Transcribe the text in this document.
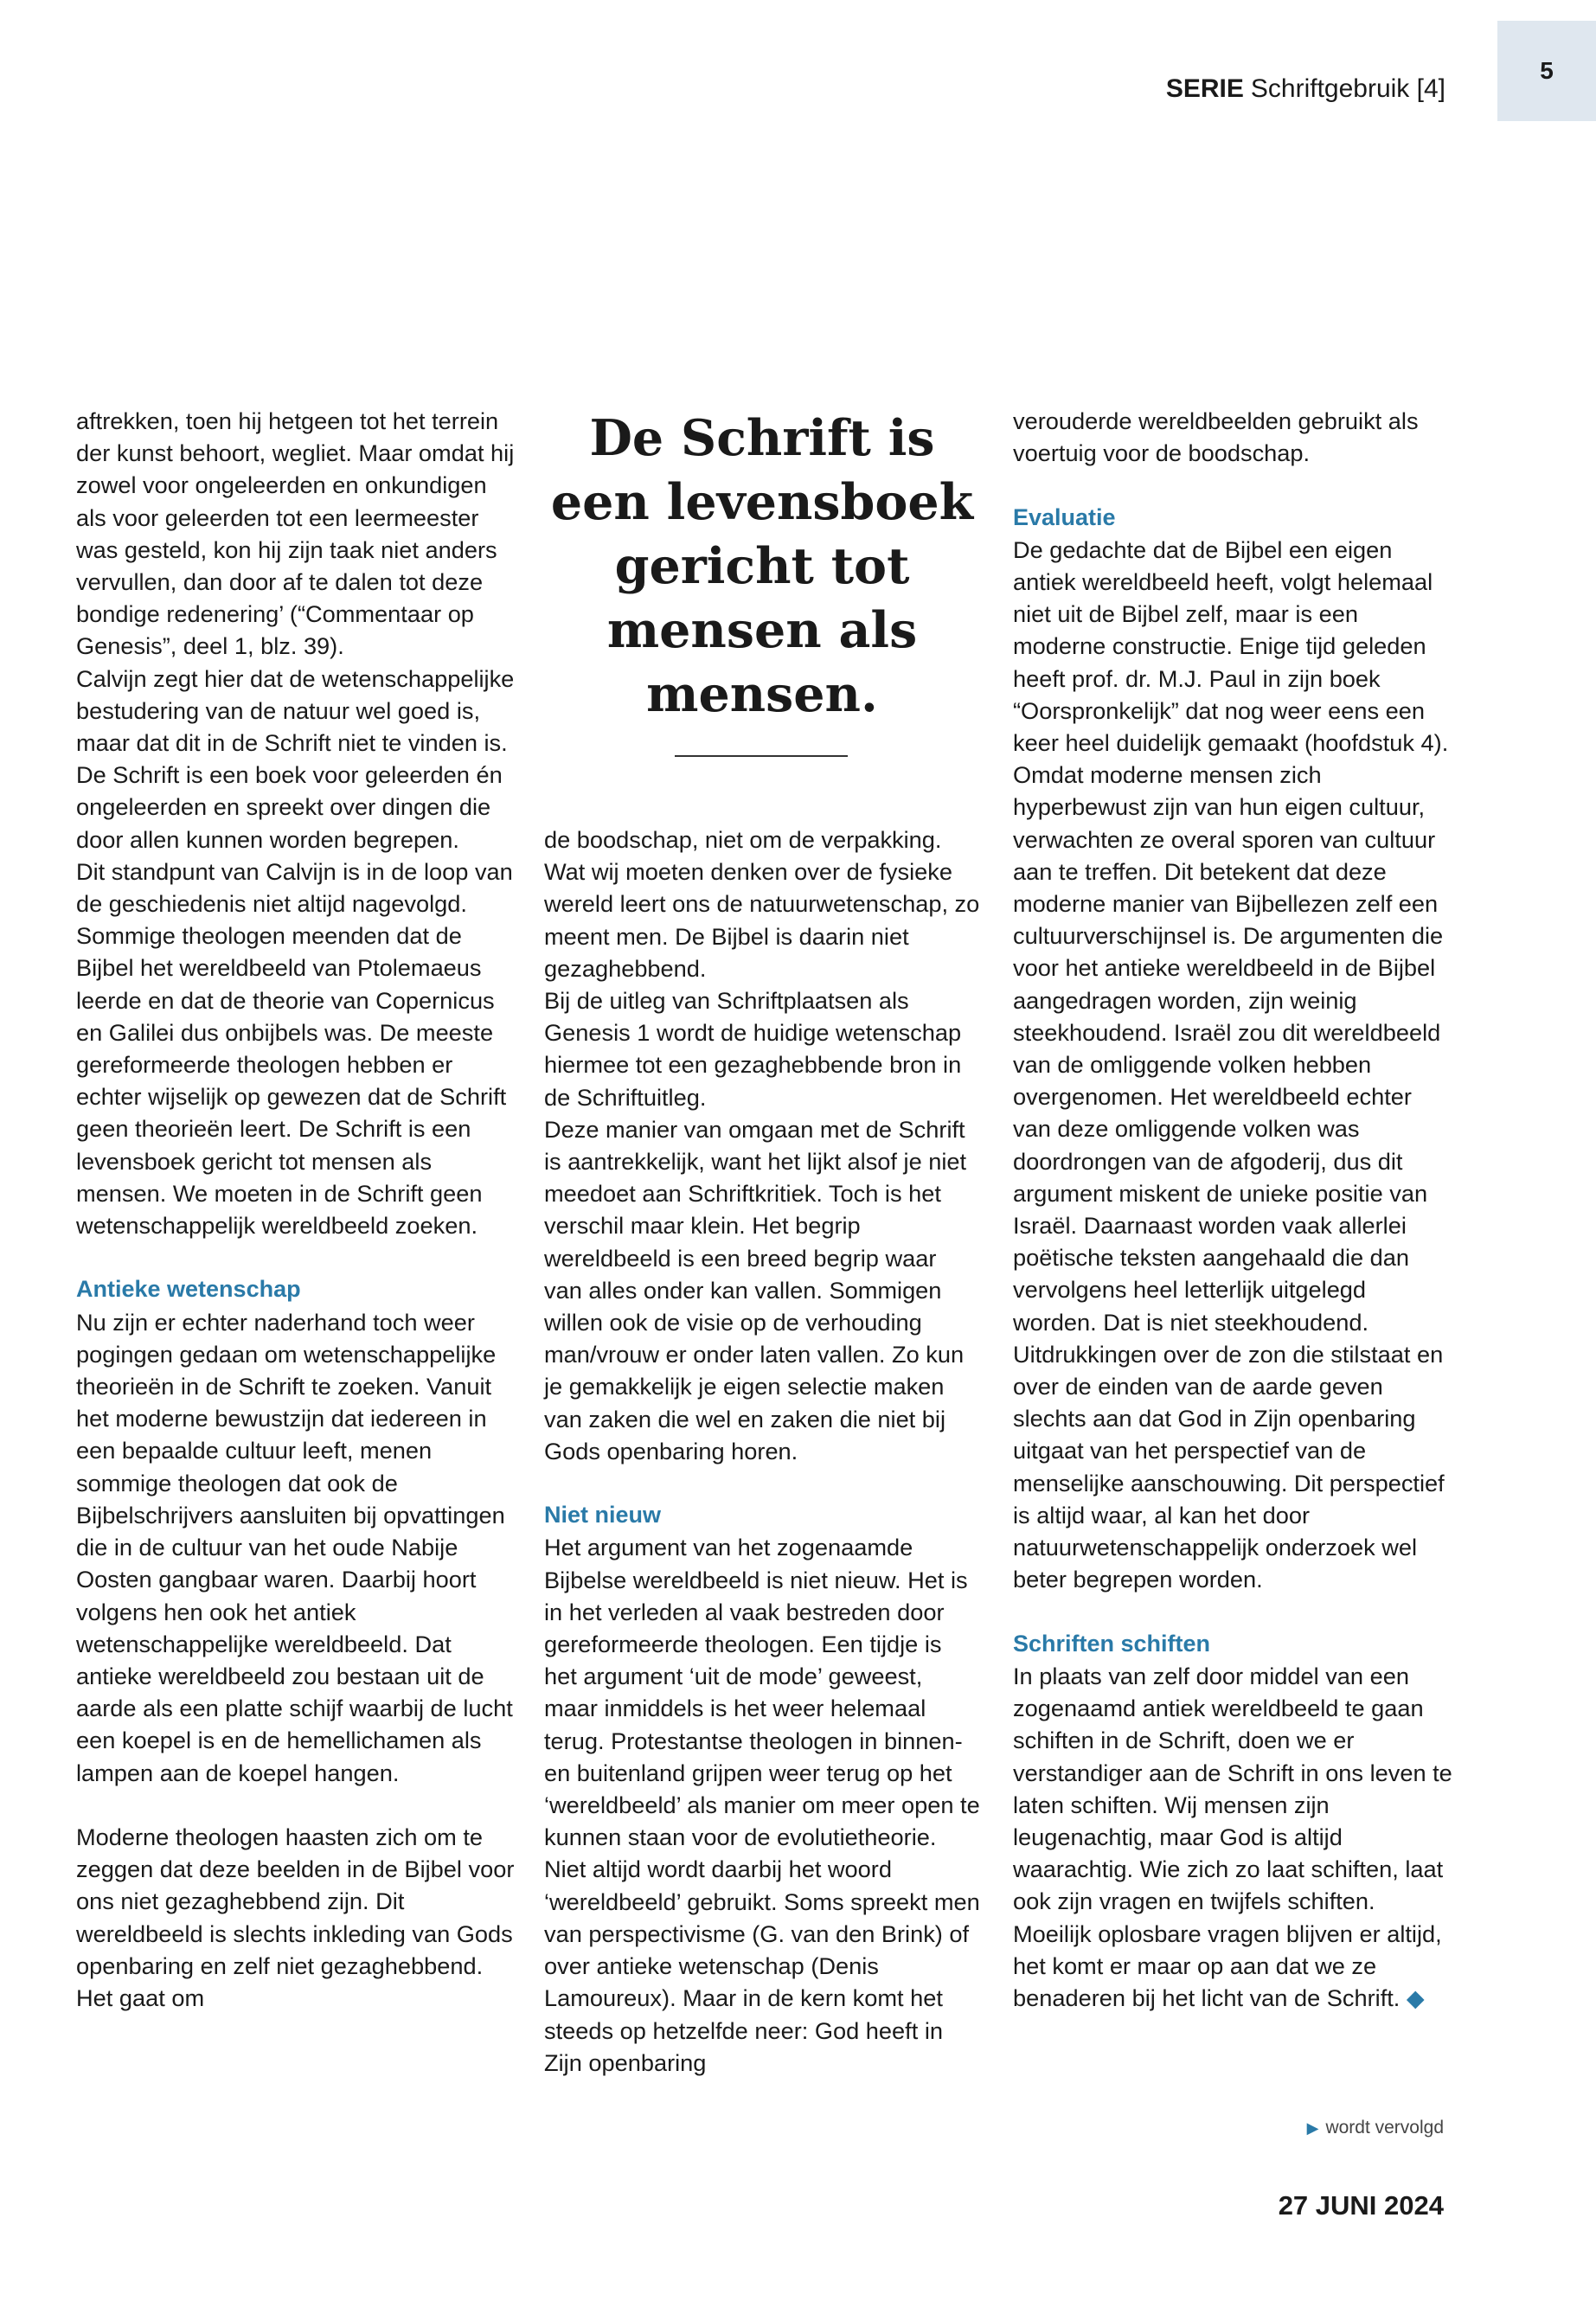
5
SERIE Schriftgebruik [4]

aftrekken, toen hij hetgeen tot het terrein der kunst behoort, wegliet. Maar omdat hij zowel voor ongeleerden en onkundigen als voor geleerden tot een leermeester was gesteld, kon hij zijn taak niet anders vervullen, dan door af te dalen tot deze bondige redenering’ (“Commentaar op Genesis”, deel 1, blz. 39).

Calvijn zegt hier dat de wetenschappelijke bestudering van de natuur wel goed is, maar dat dit in de Schrift niet te vinden is. De Schrift is een boek voor geleerden én ongeleerden en spreekt over dingen die door allen kunnen worden begrepen.

Dit standpunt van Calvijn is in de loop van de geschiedenis niet altijd nagevolgd. Sommige theologen meenden dat de Bijbel het wereldbeeld van Ptolemaeus leerde en dat de theorie van Copernicus en Galilei dus onbijbels was. De meeste gereformeerde theologen hebben er echter wijselijk op gewezen dat de Schrift geen theorieën leert. De Schrift is een levensboek gericht tot mensen als mensen. We moeten in de Schrift geen wetenschappelijk wereldbeeld zoeken.

Antieke wetenschap

Nu zijn er echter naderhand toch weer pogingen gedaan om wetenschappelijke theorieën in de Schrift te zoeken. Vanuit het moderne bewustzijn dat iedereen in een bepaalde cultuur leeft, menen sommige theologen dat ook de Bijbelschrijvers aansluiten bij opvattingen die in de cultuur van het oude Nabije Oosten gangbaar waren. Daarbij hoort volgens hen ook het antiek wetenschappelijke wereldbeeld. Dat antieke wereldbeeld zou bestaan uit de aarde als een platte schijf waarbij de lucht een koepel is en de hemellichamen als lampen aan de koepel hangen.

Moderne theologen haasten zich om te zeggen dat deze beelden in de Bijbel voor ons niet gezaghebbend zijn. Dit wereldbeeld is slechts inkleding van Gods openbaring en zelf niet gezaghebbend. Het gaat om

De Schrift is een levensboek gericht tot mensen als mensen.

de boodschap, niet om de verpakking. Wat wij moeten denken over de fysieke wereld leert ons de natuurwetenschap, zo meent men. De Bijbel is daarin niet gezaghebbend.

Bij de uitleg van Schriftplaatsen als Genesis 1 wordt de huidige wetenschap hiermee tot een gezaghebbende bron in de Schriftuitleg.

Deze manier van omgaan met de Schrift is aantrekkelijk, want het lijkt alsof je niet meedoet aan Schriftkritiek. Toch is het verschil maar klein. Het begrip wereldbeeld is een breed begrip waar van alles onder kan vallen. Sommigen willen ook de visie op de verhouding man/vrouw er onder laten vallen. Zo kun je gemakkelijk je eigen selectie maken van zaken die wel en zaken die niet bij Gods openbaring horen.

Niet nieuw

Het argument van het zogenaamde Bijbelse wereldbeeld is niet nieuw. Het is in het verleden al vaak bestreden door gereformeerde theologen. Een tijdje is het argument ‘uit de mode’ geweest, maar inmiddels is het weer helemaal terug. Protestantse theologen in binnen- en buitenland grijpen weer terug op het ‘wereldbeeld’ als manier om meer open te kunnen staan voor de evolutietheorie. Niet altijd wordt daarbij het woord ‘wereldbeeld’ gebruikt. Soms spreekt men van perspectivisme (G. van den Brink) of over antieke wetenschap (Denis Lamoureux). Maar in de kern komt het steeds op hetzelfde neer: God heeft in Zijn openbaring

verouderde wereldbeelden gebruikt als voertuig voor de boodschap.

Evaluatie

De gedachte dat de Bijbel een eigen antiek wereldbeeld heeft, volgt helemaal niet uit de Bijbel zelf, maar is een moderne constructie. Enige tijd geleden heeft prof. dr. M.J. Paul in zijn boek “Oorspronkelijk” dat nog weer eens een keer heel duidelijk gemaakt (hoofdstuk 4). Omdat moderne mensen zich hyperbewust zijn van hun eigen cultuur, verwachten ze overal sporen van cultuur aan te treffen. Dit betekent dat deze moderne manier van Bijbellezen zelf een cultuurverschijnsel is. De argumenten die voor het antieke wereldbeeld in de Bijbel aangedragen worden, zijn weinig steekhoudend. Israël zou dit wereldbeeld van de omliggende volken hebben overgenomen. Het wereldbeeld echter van deze omliggende volken was doordrongen van de afgoderij, dus dit argument miskent de unieke positie van Israël. Daarnaast worden vaak allerlei poëtische teksten aangehaald die dan vervolgens heel letterlijk uitgelegd worden. Dat is niet steekhoudend. Uitdrukkingen over de zon die stilstaat en over de einden van de aarde geven slechts aan dat God in Zijn openbaring uitgaat van het perspectief van de menselijke aanschouwing. Dit perspectief is altijd waar, al kan het door natuurwetenschappelijk onderzoek wel beter begrepen worden.

Schriften schiften

In plaats van zelf door middel van een zogenaamd antiek wereldbeeld te gaan schiften in de Schrift, doen we er verstandiger aan de Schrift in ons leven te laten schiften. Wij mensen zijn leugenachtig, maar God is altijd waarachtig. Wie zich zo laat schiften, laat ook zijn vragen en twijfels schiften. Moeilijk oplosbare vragen blijven er altijd, het komt er maar op aan dat we ze benaderen bij het licht van de Schrift. ◆

▶ wordt vervolgd
27 JUNI 2024
